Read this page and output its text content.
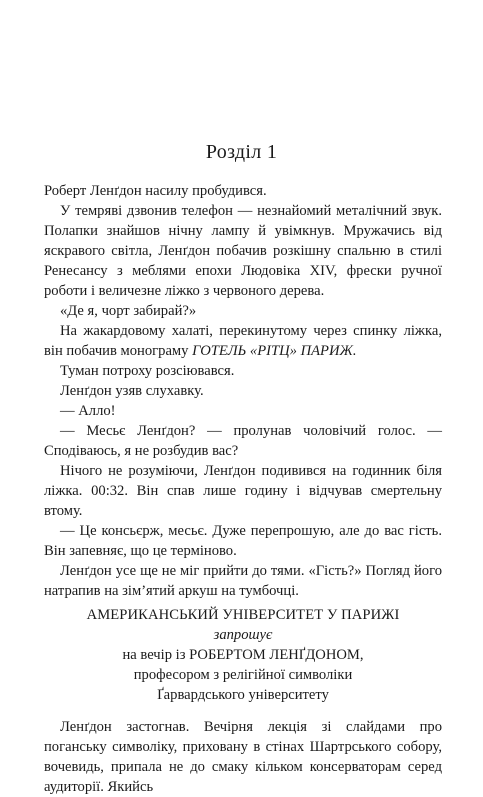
Розділ 1

Роберт Ленґдон насилу пробудився.

У темряві дзвонив телефон — незнайомий металічний звук. Полапки знайшов нічну лампу й увімкнув. Мружачись від яскравого світла, Ленґдон побачив розкішну спальню в стилі Ренесансу з меблями епохи Людовіка XIV, фрески ручної роботи і величезне ліжко з червоного дерева.

«Де я, чорт забирай?»

На жакардовому халаті, перекинутому через спинку ліжка, він побачив монограму ГОТЕЛЬ «РІТЦ» ПАРИЖ.

Туман потроху розсіювався.

Ленґдон узяв слухавку.

— Алло!

— Месьє Ленґдон? — пролунав чоловічий голос. — Сподіваюсь, я не розбудив вас?

Нічого не розуміючи, Ленґдон подивився на годинник біля ліжка. 00:32. Він спав лише годину і відчував смертельну втому.

— Це консьєрж, месьє. Дуже перепрошую, але до вас гість. Він запевняє, що це терміново.

Ленґдон усе ще не міг прийти до тями. «Гість?» Погляд його натрапив на зім’ятий аркуш на тумбочці.

АМЕРИКАНСЬКИЙ УНІВЕРСИТЕТ У ПАРИЖІ
запрошує
на вечір із РОБЕРТОМ ЛЕНҐДОНОМ,
професором з релігійної символіки
Ґарвардського університету

Ленґдон застогнав. Вечірня лекція зі слайдами про поганську символіку, приховану в стінах Шартрського собору, вочевидь, припала не до смаку кільком консерваторам серед аудиторії. Якийсь
